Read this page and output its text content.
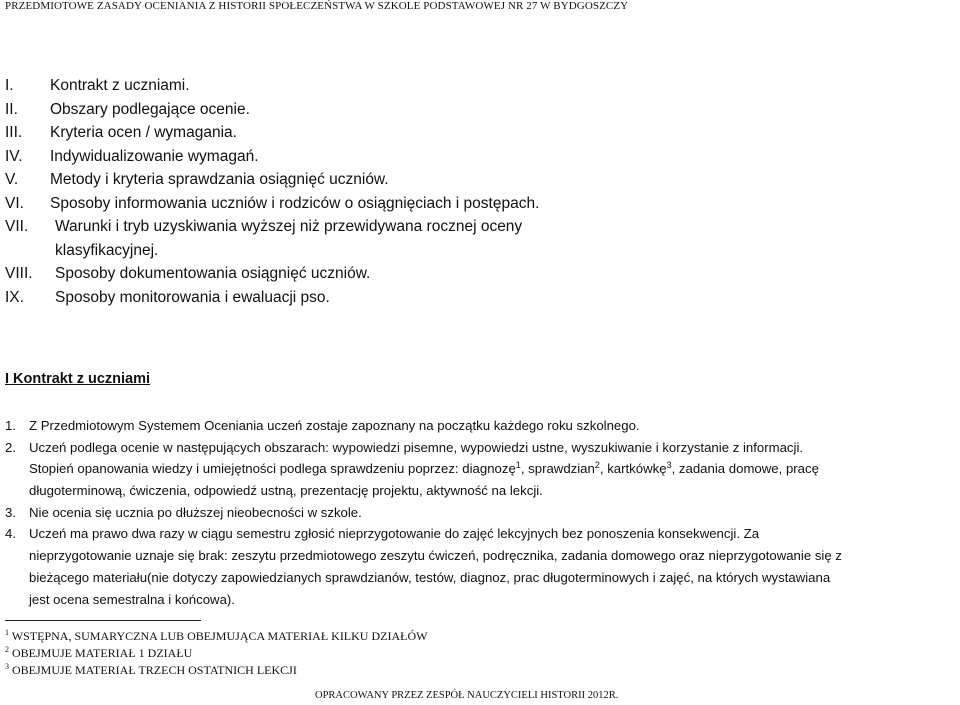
PRZEDMIOTOWE ZASADY OCENIANIA Z HISTORII SPOŁECZEŃSTWA W SZKOLE PODSTAWOWEJ NR 27 W BYDGOSZCZY
I. Kontrakt z uczniami.
II. Obszary podlegające ocenie.
III. Kryteria ocen / wymagania.
IV. Indywidualizowanie wymagań.
V. Metody i kryteria sprawdzania osiągnięć uczniów.
VI. Sposoby informowania uczniów i rodziców o osiągnięciach i postępach.
VII. Warunki i tryb uzyskiwania wyższej niż przewidywana rocznej oceny
klasyfikacyjnej.
VIII. Sposoby dokumentowania osiągnięć uczniów.
IX. Sposoby monitorowania i ewaluacji pso.
I Kontrakt z uczniami
1. Z Przedmiotowym Systemem Oceniania uczeń zostaje zapoznany na początku każdego roku szkolnego.
2. Uczeń podlega ocenie w następujących obszarach: wypowiedzi pisemne, wypowiedzi ustne, wyszukiwanie i korzystanie z informacji.
Stopień opanowania wiedzy i umiejętności podlega sprawdzeniu poprzez: diagnozę$^1$, sprawdzian$^2$, kartkówkę$^3$, zadania domowe, pracę
długoterminową, ćwiczenia, odpowiedź ustną, prezentację projektu, aktywność na lekcji.
3. Nie ocenia się ucznia po dłuższej nieobecności w szkole.
4. Uczeń ma prawo dwa razy w ciągu semestru zgłosić nieprzygotowanie do zajęć lekcyjnych bez ponoszenia konsekwencji. Za
nieprzygotowanie uznaje się brak: zeszytu przedmiotowego zeszytu ćwiczeń, podręcznika, zadania domowego oraz nieprzygotowanie się z
bieżącego materiału(nie dotyczy zapowiedzianych sprawdzianów, testów, diagnoz, prac długoterminowych i zajęć, na których wystawiana
jest ocena semestralna i końcowa).
$^1$ WSTĘPNA, SUMARYCZNA LUB OBEJMUJĄCA MATERIAŁ KILKU DZIAŁÓW
$^2$ OBEJMUJE MATERIAŁ 1 DZIAŁU
$^3$ OBEJMUJE MATERIAŁ TRZECH OSTATNICH LEKCJI
OPRACOWANY PRZEZ ZESPÓŁ NAUCZYCIELI HISTORII 2012R.
